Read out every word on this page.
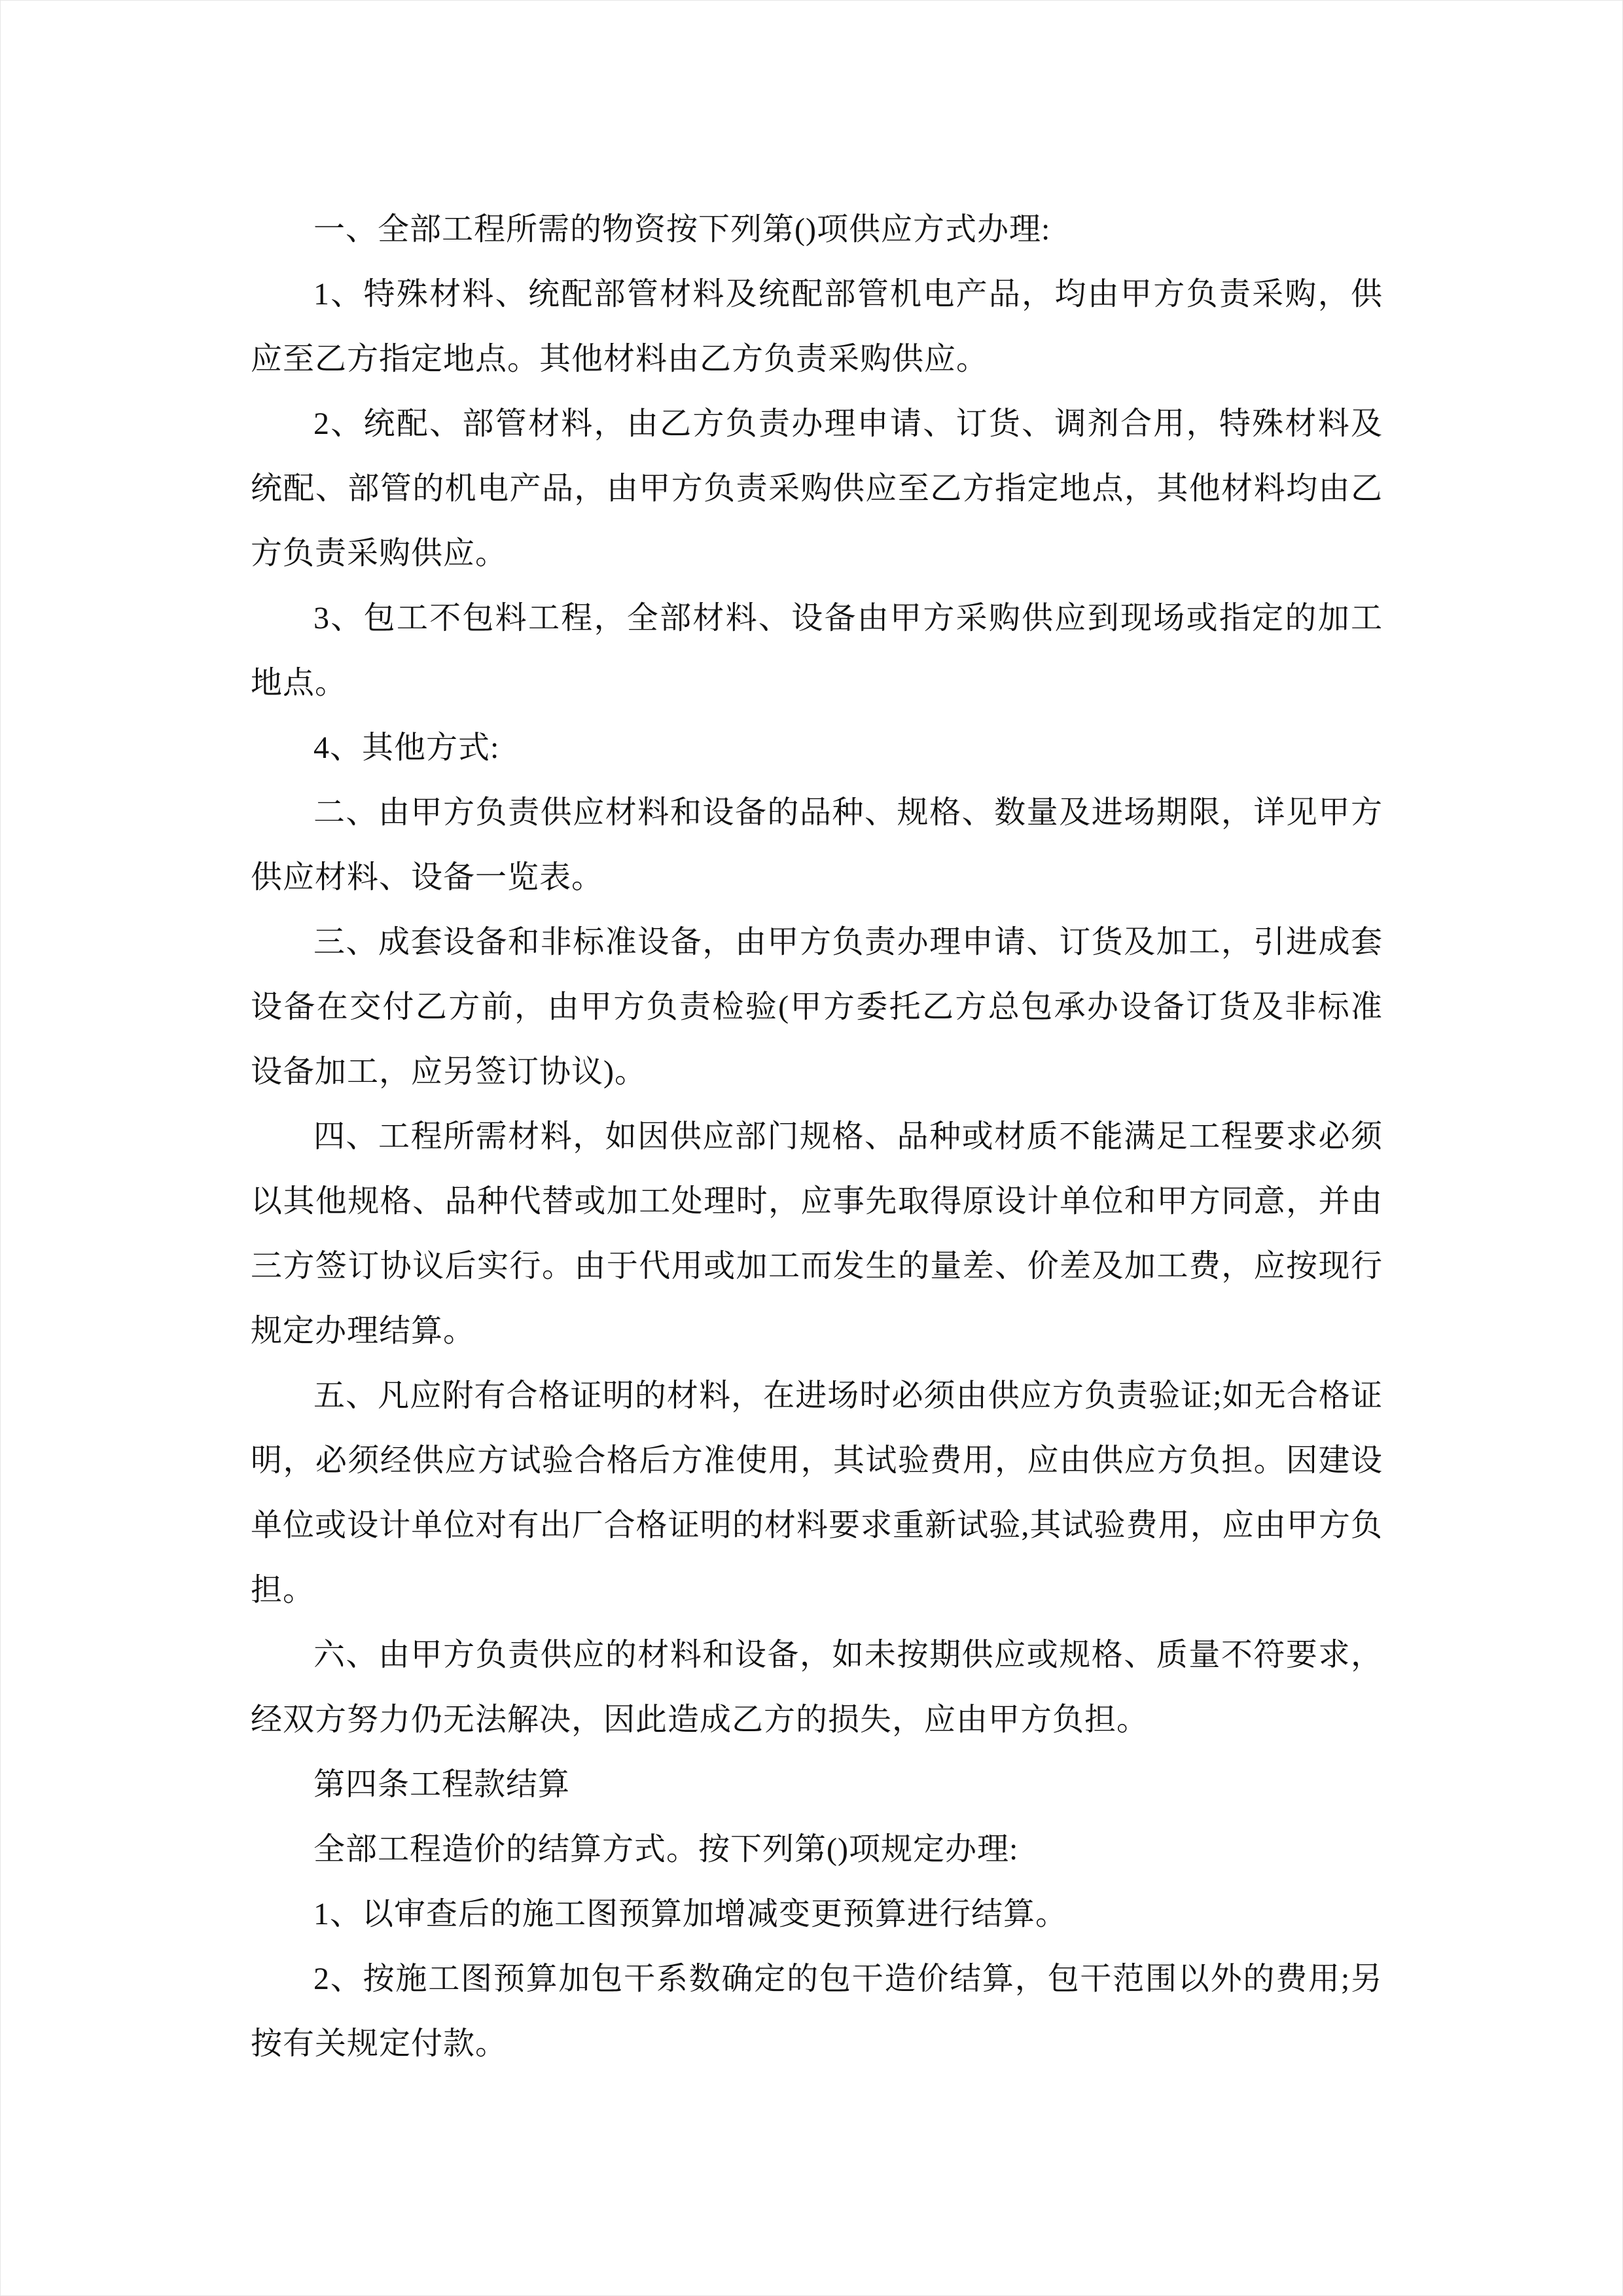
一、全部工程所需的物资按下列第()项供应方式办理:

1、特殊材料、统配部管材料及统配部管机电产品，均由甲方负责采购，供应至乙方指定地点。其他材料由乙方负责采购供应。

2、统配、部管材料，由乙方负责办理申请、订货、调剂合用，特殊材料及统配、部管的机电产品，由甲方负责采购供应至乙方指定地点，其他材料均由乙方负责采购供应。

3、包工不包料工程，全部材料、设备由甲方采购供应到现场或指定的加工地点。

4、其他方式:

二、由甲方负责供应材料和设备的品种、规格、数量及进场期限，详见甲方供应材料、设备一览表。

三、成套设备和非标准设备，由甲方负责办理申请、订货及加工，引进成套设备在交付乙方前，由甲方负责检验(甲方委托乙方总包承办设备订货及非标准设备加工，应另签订协议)。

四、工程所需材料，如因供应部门规格、品种或材质不能满足工程要求必须以其他规格、品种代替或加工处理时，应事先取得原设计单位和甲方同意，并由三方签订协议后实行。由于代用或加工而发生的量差、价差及加工费，应按现行规定办理结算。

五、凡应附有合格证明的材料，在进场时必须由供应方负责验证;如无合格证明，必须经供应方试验合格后方准使用，其试验费用，应由供应方负担。因建设单位或设计单位对有出厂合格证明的材料要求重新试验,其试验费用，应由甲方负担。

六、由甲方负责供应的材料和设备，如未按期供应或规格、质量不符要求，经双方努力仍无法解决，因此造成乙方的损失，应由甲方负担。

第四条工程款结算

全部工程造价的结算方式。按下列第()项规定办理:

1、以审查后的施工图预算加增减变更预算进行结算。

2、按施工图预算加包干系数确定的包干造价结算，包干范围以外的费用;另按有关规定付款。
